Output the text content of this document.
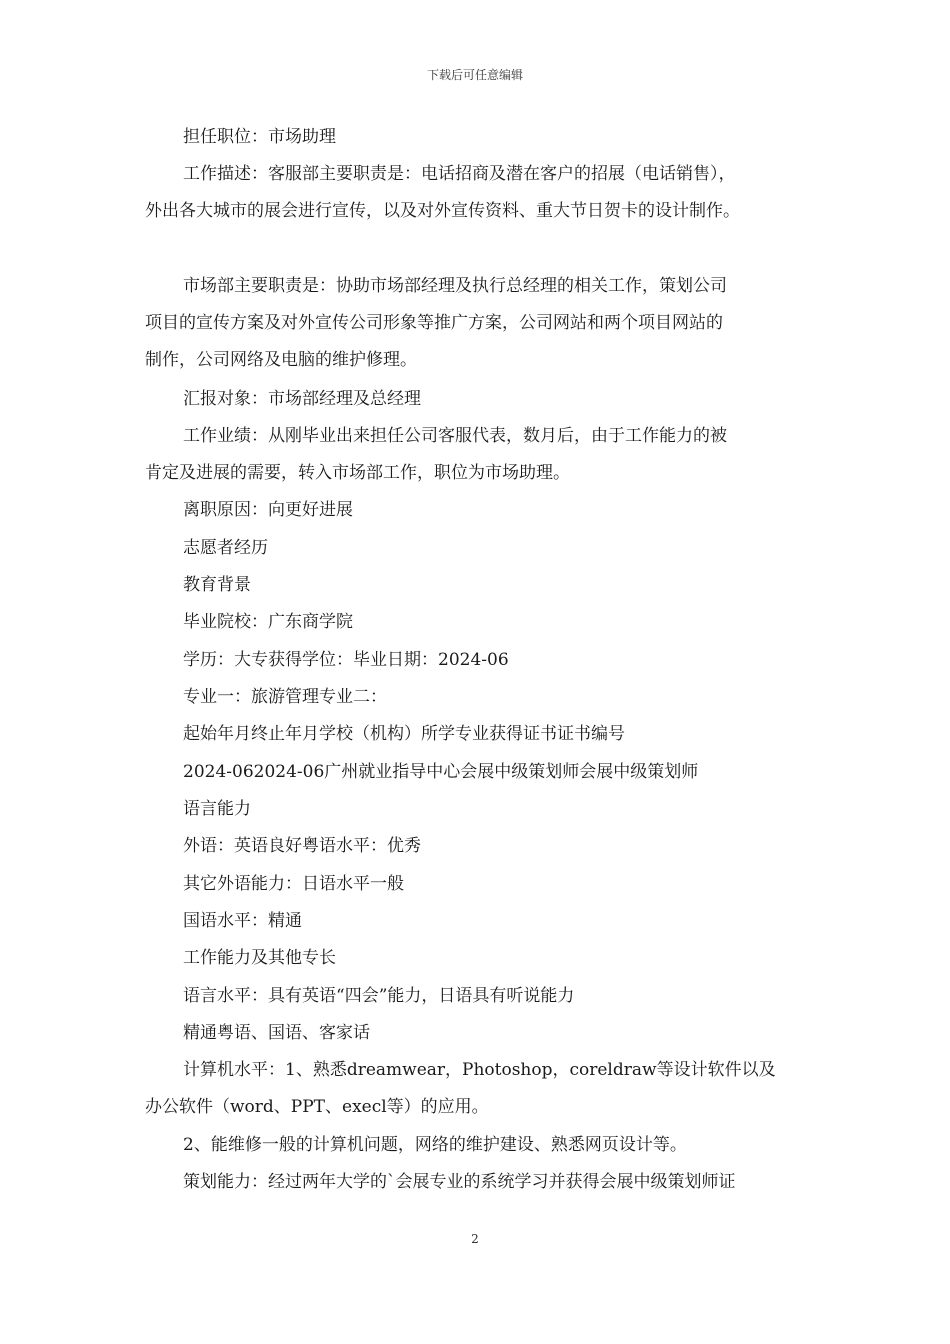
下载后可任意编辑

担任职位：市场助理

工作描述：客服部主要职责是：电话招商及潜在客户的招展（电话销售），
外出各大城市的展会进行宣传，以及对外宣传资料、重大节日贺卡的设计制作。

市场部主要职责是：协助市场部经理及执行总经理的相关工作，策划公司
项目的宣传方案及对外宣传公司形象等推广方案，公司网站和两个项目网站的
制作，公司网络及电脑的维护修理。

汇报对象：市场部经理及总经理

工作业绩：从刚毕业出来担任公司客服代表，数月后，由于工作能力的被
肯定及进展的需要，转入市场部工作，职位为市场助理。

离职原因：向更好进展

志愿者经历

教育背景

毕业院校：广东商学院

学历：大专获得学位：毕业日期：2024-06

专业一：旅游管理专业二：

起始年月终止年月学校（机构）所学专业获得证书证书编号

2024-062024-06广州就业指导中心会展中级策划师会展中级策划师

语言能力

外语：英语良好粤语水平：优秀

其它外语能力：日语水平一般

国语水平：精通

工作能力及其他专长

语言水平：具有英语“四会”能力，日语具有听说能力

精通粤语、国语、客家话

计算机水平：1、熟悉dreamwear，Photoshop，coreldraw等设计软件以及
办公软件（word、PPT、execl等）的应用。

2、能维修一般的计算机问题，网络的维护建设、熟悉网页设计等。

策划能力：经过两年大学的`会展专业的系统学习并获得会展中级策划师证

2
